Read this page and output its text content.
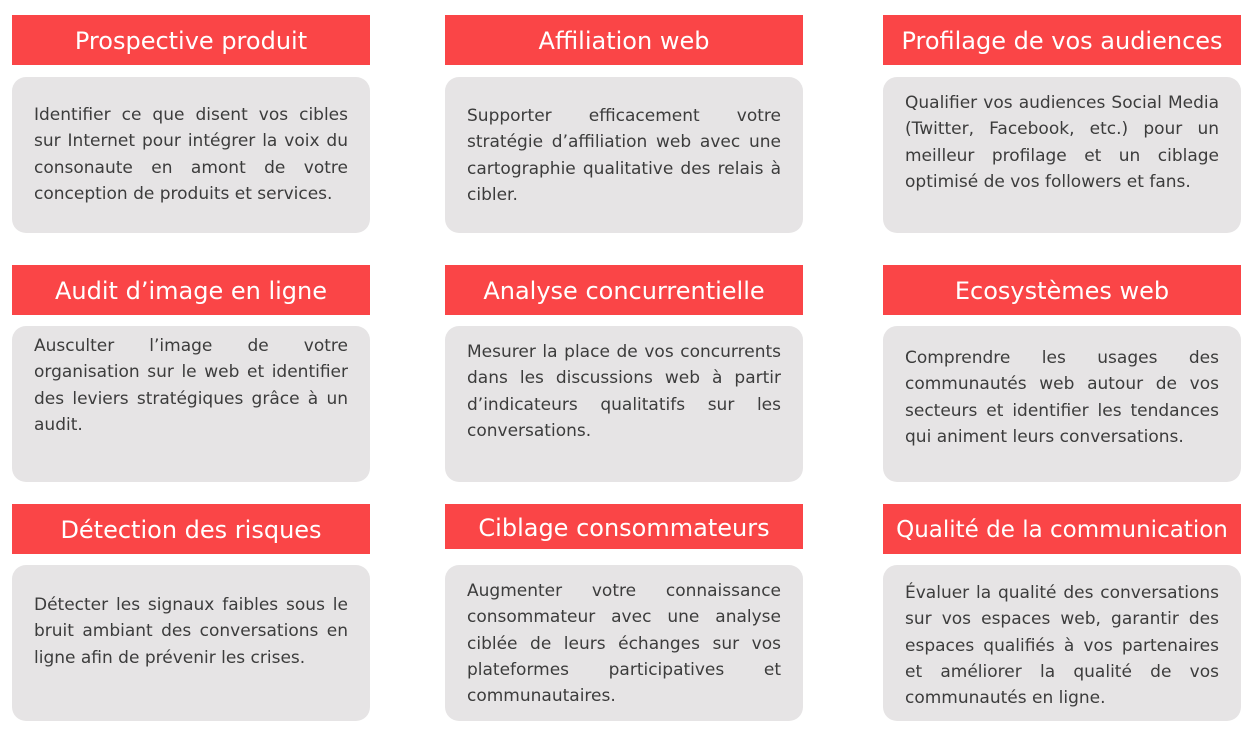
Prospective produit

Identifier ce que disent vos cibles sur Internet pour intégrer la voix du consonaute en amont de votre conception de produits et services.

Affiliation web

Supporter efficacement votre stratégie d’affiliation web avec une cartographie qualitative des relais à cibler.

Profilage de vos audiences

Qualifier vos audiences Social Media (Twitter, Facebook, etc.) pour un meilleur profilage et un ciblage optimisé de vos followers et fans.

Audit d’image en ligne

Ausculter l’image de votre organisation sur le web et identifier des leviers stratégiques grâce à un audit.

Analyse concurrentielle

Mesurer la place de vos concurrents dans les discussions web à partir d’indicateurs qualitatifs sur les conversations.

Ecosystèmes web

Comprendre les usages des communautés web autour de vos secteurs et identifier les tendances qui animent leurs conversations.

Détection des risques

Détecter les signaux faibles sous le bruit ambiant des conversations en ligne afin de prévenir les crises.

Ciblage consommateurs

Augmenter votre connaissance consommateur avec une analyse ciblée de leurs échanges sur vos plateformes participatives et communautaires.

Qualité de la communication

Évaluer la qualité des conversations sur vos espaces web, garantir des espaces qualifiés à vos partenaires et améliorer la qualité de vos communautés en ligne.
